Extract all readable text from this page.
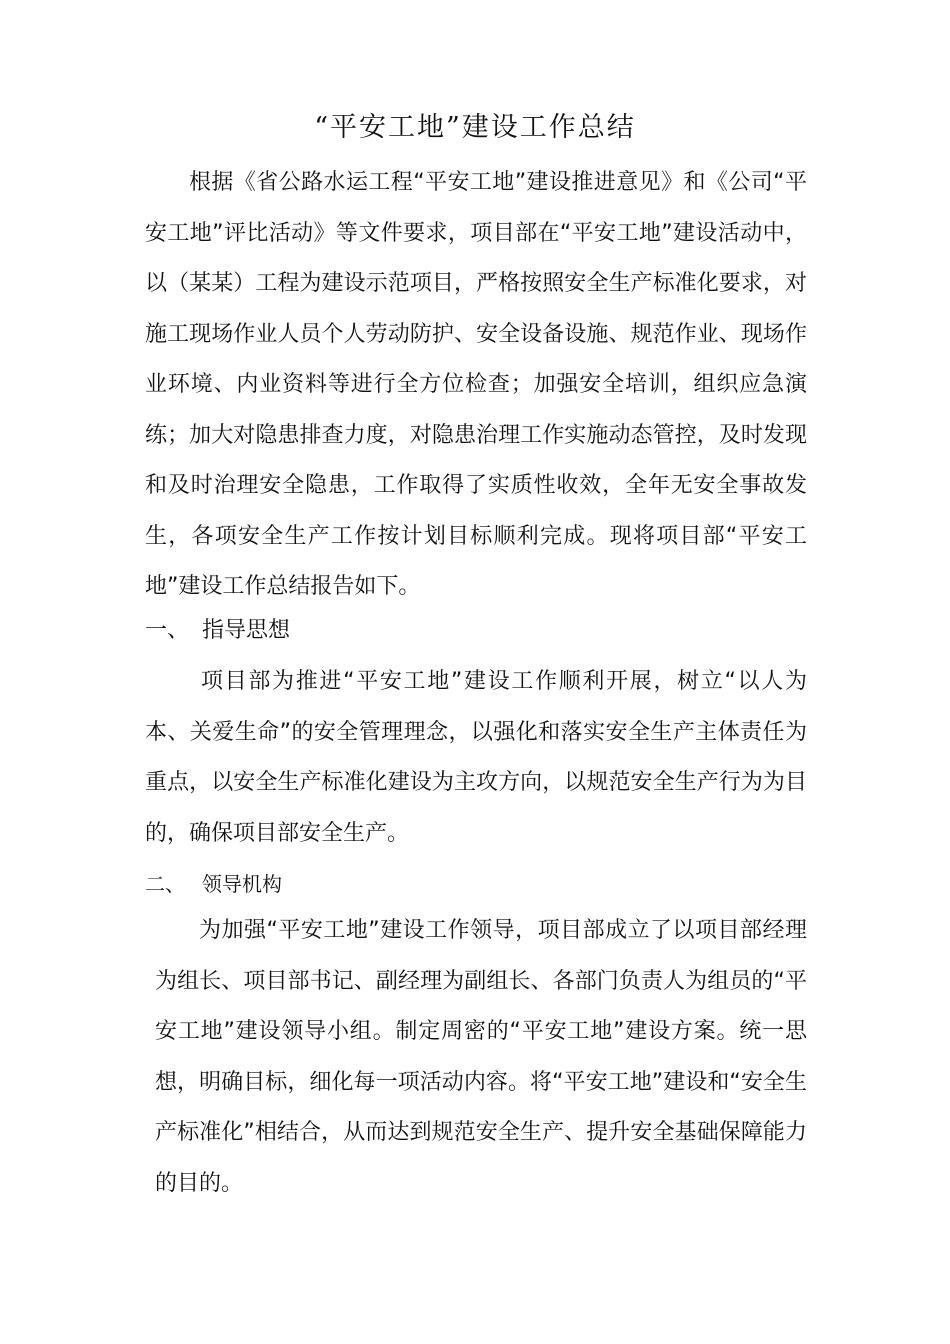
“平安工地”建设工作总结
根据《省公路水运工程“平安工地”建设推进意见》和《公司“平安工地”评比活动》等文件要求，项目部在“平安工地”建设活动中，以（某某）工程为建设示范项目，严格按照安全生产标准化要求，对施工现场作业人员个人劳动防护、安全设备设施、规范作业、现场作业环境、内业资料等进行全方位检查；加强安全培训，组织应急演练；加大对隐患排查力度，对隐患治理工作实施动态管控，及时发现和及时治理安全隐患，工作取得了实质性收效，全年无安全事故发生，各项安全生产工作按计划目标顺利完成。现将项目部“平安工地”建设工作总结报告如下。
一、 指导思想
项目部为推进“平安工地”建设工作顺利开展，树立“以人为本、关爱生命”的安全管理理念，以强化和落实安全生产主体责任为重点，以安全生产标准化建设为主攻方向，以规范安全生产行为为目的，确保项目部安全生产。
二、 领导机构
为加强“平安工地”建设工作领导，项目部成立了以项目部经理为组长、项目部书记、副经理为副组长、各部门负责人为组员的“平安工地”建设领导小组。制定周密的“平安工地”建设方案。统一思想，明确目标，细化每一项活动内容。将“平安工地”建设和“安全生产标准化”相结合，从而达到规范安全生产、提升安全基础保障能力的目的。
